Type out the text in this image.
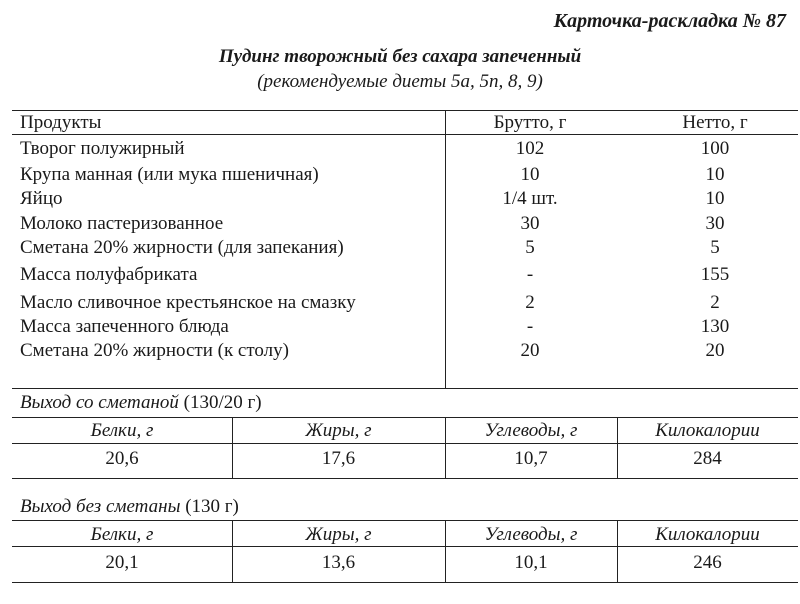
Карточка-раскладка № 87
Пудинг творожный без сахара запеченный
(рекомендуемые диеты 5а, 5п, 8, 9)
Продукты	Брутто, г	Нетто, г
Творог полужирный	102	100
Крупа манная (или мука пшеничная)	10	10
Яйцо	1/4 шт.	10
Молоко пастеризованное	30	30
Сметана 20% жирности (для запекания)	5	5
Масса полуфабриката	-	155
Масло сливочное крестьянское на смазку	2	2
Масса запеченного блюда	-	130
Сметана 20% жирности (к столу)	20	20
Выход со сметаной (130/20 г)
Белки, г	Жиры, г	Углеводы, г	Килокалории
20,6	17,6	10,7	284
Выход без сметаны (130 г)
Белки, г	Жиры, г	Углеводы, г	Килокалории
20,1	13,6	10,1	246
